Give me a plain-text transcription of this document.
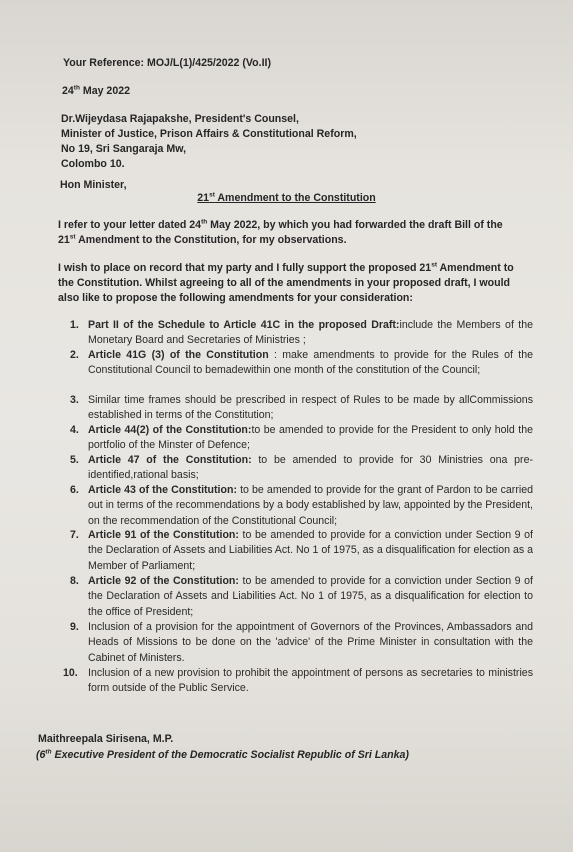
Your Reference: MOJ/L(1)/425/2022 (Vo.II)
24th May 2022
Dr.Wijeydasa Rajapakshe, President's Counsel,
Minister of Justice, Prison Affairs & Constitutional Reform,
No 19, Sri Sangaraja Mw,
Colombo 10.
Hon Minister,
21st Amendment to the Constitution
I refer to your letter dated 24th May 2022, by which you had forwarded the draft Bill of the
21st Amendment to the Constitution, for my observations.
I wish to place on record that my party and I fully support the proposed 21st Amendment to
the Constitution. Whilst agreeing to all of the amendments in your proposed draft, I would
also like to propose the following amendments for your consideration:
1. Part II of the Schedule to Article 41C in the proposed Draft:include the Members of the Monetary Board and Secretaries of Ministries ;
2. Article 41G (3) of the Constitution : make amendments to provide for the Rules of the Constitutional Council to bemadewithin one month of the constitution of the Council;
3. Similar time frames should be prescribed in respect of Rules to be made by allCommissions established in terms of the Constitution;
4. Article 44(2) of the Constitution:to be amended to provide for the President to only hold the portfolio of the Minster of Defence;
5. Article 47 of the Constitution: to be amended to provide for 30 Ministries ona pre-identified,rational basis;
6. Article 43 of the Constitution: to be amended to provide for the grant of Pardon to be carried out in terms of the recommendations by a body established by law, appointed by the President, on the recommendation of the Constitutional Council;
7. Article 91 of the Constitution: to be amended to provide for a conviction under Section 9 of the Declaration of Assets and Liabilities Act. No 1 of 1975, as a disqualification for election as a Member of Parliament;
8. Article 92 of the Constitution: to be amended to provide for a conviction under Section 9 of the Declaration of Assets and Liabilities Act. No 1 of 1975, as a disqualification for election to the office of President;
9. Inclusion of a provision for the appointment of Governors of the Provinces, Ambassadors and Heads of Missions to be done on the 'advice' of the Prime Minister in consultation with the Cabinet of Ministers.
10. Inclusion of a new provision to prohibit the appointment of persons as secretaries to ministries form outside of the Public Service.
Maithreepala Sirisena, M.P.
(6th Executive President of the Democratic Socialist Republic of Sri Lanka)
